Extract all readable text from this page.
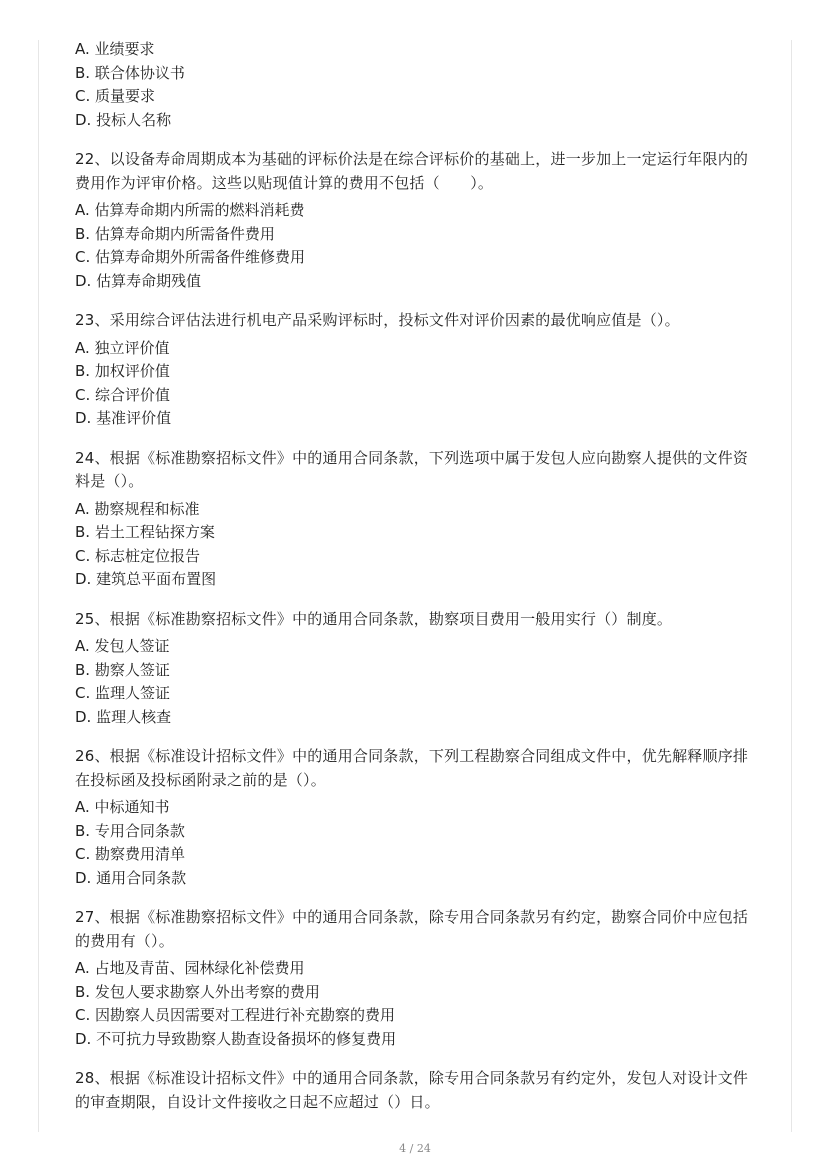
A. 业绩要求
B. 联合体协议书
C. 质量要求
D. 投标人名称
22、以设备寿命周期成本为基础的评标价法是在综合评标价的基础上，进一步加上一定运行年限内的费用作为评审价格。这些以贴现值计算的费用不包括（　　）。
A. 估算寿命期内所需的燃料消耗费
B. 估算寿命期内所需备件费用
C. 估算寿命期外所需备件维修费用
D. 估算寿命期残值
23、采用综合评估法进行机电产品采购评标时，投标文件对评价因素的最优响应值是（）。
A. 独立评价值
B. 加权评价值
C. 综合评价值
D. 基准评价值
24、根据《标准勘察招标文件》中的通用合同条款，下列选项中属于发包人应向勘察人提供的文件资料是（）。
A. 勘察规程和标准
B. 岩土工程钻探方案
C. 标志桩定位报告
D. 建筑总平面布置图
25、根据《标准勘察招标文件》中的通用合同条款，勘察项目费用一般用实行（）制度。
A. 发包人签证
B. 勘察人签证
C. 监理人签证
D. 监理人核查
26、根据《标准设计招标文件》中的通用合同条款，下列工程勘察合同组成文件中，优先解释顺序排在投标函及投标函附录之前的是（）。
A. 中标通知书
B. 专用合同条款
C. 勘察费用清单
D. 通用合同条款
27、根据《标准勘察招标文件》中的通用合同条款，除专用合同条款另有约定，勘察合同价中应包括的费用有（）。
A. 占地及青苗、园林绿化补偿费用
B. 发包人要求勘察人外出考察的费用
C. 因勘察人员因需要对工程进行补充勘察的费用
D. 不可抗力导致勘察人勘查设备损坏的修复费用
28、根据《标准设计招标文件》中的通用合同条款，除专用合同条款另有约定外，发包人对设计文件的审查期限，自设计文件接收之日起不应超过（）日。
4 / 24
